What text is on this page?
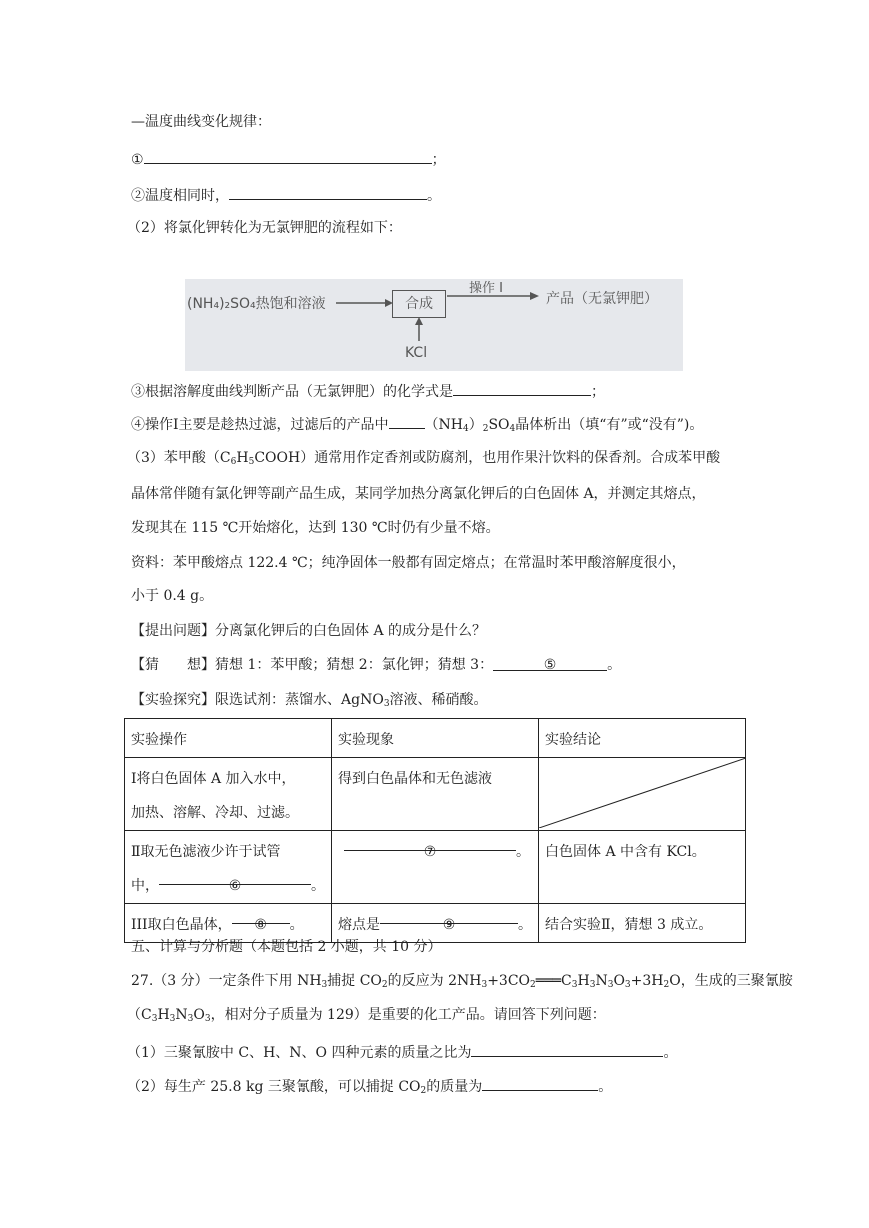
—温度曲线变化规律：
①	；
②温度相同时，	。
（2）将氯化钾转化为无氯钾肥的流程如下：
(NH₄)₂SO₄热饱和溶液	合成
操作 I
产品（无氯钾肥）
KCl
③根据溶解度曲线判断产品（无氯钾肥）的化学式是	；
④操作Ⅰ主要是趁热过滤，过滤后的产品中	$(NH_4)_2SO_4$晶体析出（填“有”或“没有”)。
（3）苯甲酸$(C_6H_5COOH)$通常用作定香剂或防腐剂，也用作果汁饮料的保香剂。合成苯甲酸
晶体常伴随有氯化钾等副产品生成，某同学加热分离氯化钾后的白色固体 A，并测定其熔点，
发现其在 115 ℃开始熔化，达到 130 ℃时仍有少量不熔。
资料：苯甲酸熔点 122.4 ℃；纯净固体一般都有固定熔点；在常温时苯甲酸溶解度很小，
小于 0.4 g。
【提出问题】分离氯化钾后的白色固体 A 的成分是什么？
【猜　　想】猜想 1：苯甲酸；猜想 2：氯化钾；猜想 3：	⑤	。
【实验探究】限选试剂：蒸馏水、AgNO$_3$溶液、稀硝酸。
实验操作	实验现象	实验结论

Ⅰ将白色固体 A 加入水中，
加热、溶解、冷却、过滤。	得到白色晶体和无色滤液	

Ⅱ取无色滤液少许于试管
中， ⑥ 。	⑦ 。	白色固体 A 中含有 KCl。
III取白色晶体， ⑧ 。	熔点是 ⑨ 。	结合实验Ⅱ，猜想 3 成立。
五、计算与分析题（本题包括 2 小题，共 10 分）
27.（3 分）一定条件下用 $NH_3$捕捉 $CO_2$的反应为 $2NH_3+3CO_2═══C_3H_3N_3O_3+3H_2O$，生成的三聚氰胺
（$C_3H_3N_3O_3$，相对分子质量为 129）是重要的化工产品。请回答下列问题：
（1）三聚氰胺中 C、H、N、O 四种元素的质量之比为	。
（2）每生产 25.8 kg 三聚氰酸，可以捕捉 $CO_2$的质量为	。
